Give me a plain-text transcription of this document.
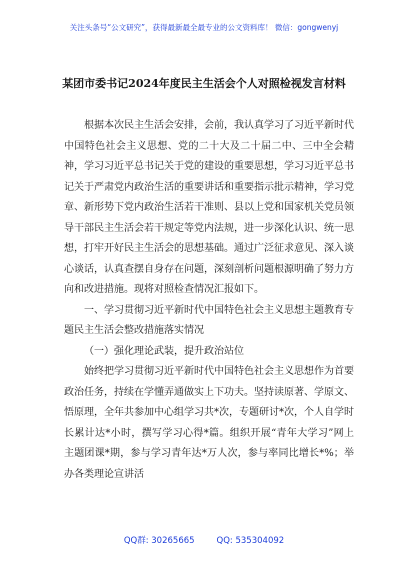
关注头条号“公文研究”，获得最新最全最专业的公文资料库！ 微信：gongwenyj
某团市委书记2024年度民主生活会个人对照检视发言材料

根据本次民主生活会安排，会前，我认真学习了习近平新时代中国特色社会主义思想、党的二十大及二十届二中、三中全会精神，学习习近平总书记关于党的建设的重要思想，学习习近平总书记关于严肃党内政治生活的重要讲话和重要指示批示精神，学习党章、新形势下党内政治生活若干准则、县以上党和国家机关党员领导干部民主生活会若干规定等党内法规，进一步深化认识、统一思想，打牢开好民主生活会的思想基础。通过广泛征求意见、深入谈心谈话，认真查摆自身存在问题，深刻剖析问题根源明确了努力方向和改进措施。现将对照检查情况汇报如下。

一、学习贯彻习近平新时代中国特色社会主义思想主题教育专题民主生活会整改措施落实情况

（一）强化理论武装，提升政治站位

始终把学习贯彻习近平新时代中国特色社会主义思想作为首要政治任务，持续在学懂弄通做实上下功夫。坚持读原著、学原文、悟原理，全年共参加中心组学习共*次，专题研讨*次，个人自学时长累计达*小时，撰写学习心得*篇。组织开展“青年大学习”网上主题团课*期，参与学习青年达*万人次，参与率同比增长*%；举办各类理论宣讲活

QQ群: 30265665	QQ: 535304092
